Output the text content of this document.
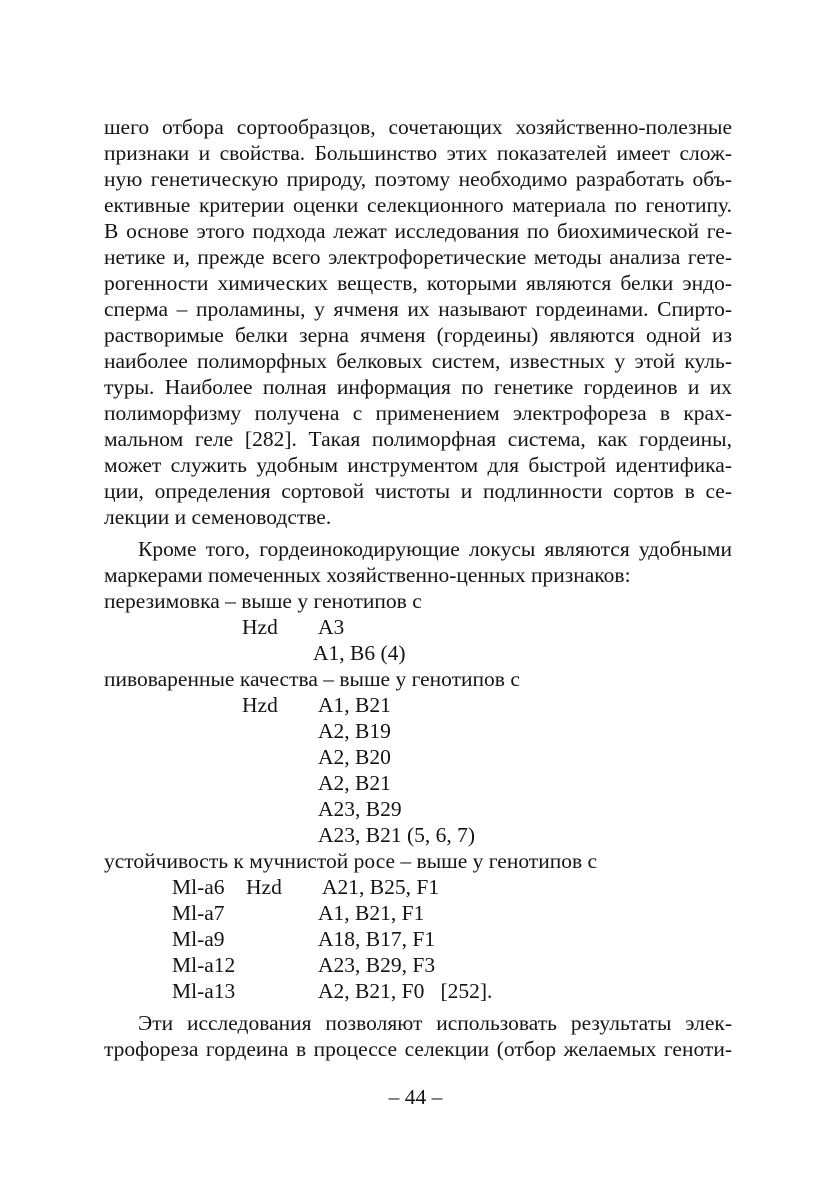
шего отбора сортообразцов, сочетающих хозяйственно-полезные
признаки и свойства. Большинство этих показателей имеет слож-
ную генетическую природу, поэтому необходимо разработать объ-
ективные критерии оценки селекционного материала по генотипу.
В основе этого подхода лежат исследования по биохимической ге-
нетике и, прежде всего электрофоретические методы анализа гете-
рогенности химических веществ, которыми являются белки эндо-
сперма – проламины, у ячменя их называют гордеинами. Спирто-
растворимые белки зерна ячменя (гордеины) являются одной из
наиболее полиморфных белковых систем, известных у этой куль-
туры. Наиболее полная информация по генетике гордеинов и их
полиморфизму получена с применением электрофореза в крах-
мальном геле [282]. Такая полиморфная система, как гордеины,
может служить удобным инструментом для быстрой идентифика-
ции, определения сортовой чистоты и подлинности сортов в се-
лекции и семеноводстве.
Кроме того, гордеинокодирующие локусы являются удобными
маркерами помеченных хозяйственно-ценных признаков:
перезимовка – выше у генотипов с
Hzd А3
А1, В6 (4)
пивоваренные качества – выше у генотипов с
Hzd А1, В21
А2, В19
А2, В20
А2, В21
А23, В29
А23, В21 (5, 6, 7)
устойчивость к мучнистой росе – выше у генотипов с
Ml-a6 Hzd А21, В25, F1
Ml-a7	А1, В21, F1
Ml-a9	А18, В17, F1
Ml-a12	А23, В29, F3
Ml-a13	А2, В21, F0   [252].
Эти исследования позволяют использовать результаты элек-
трофореза гордеина в процессе селекции (отбор желаемых геноти-
– 44 –
